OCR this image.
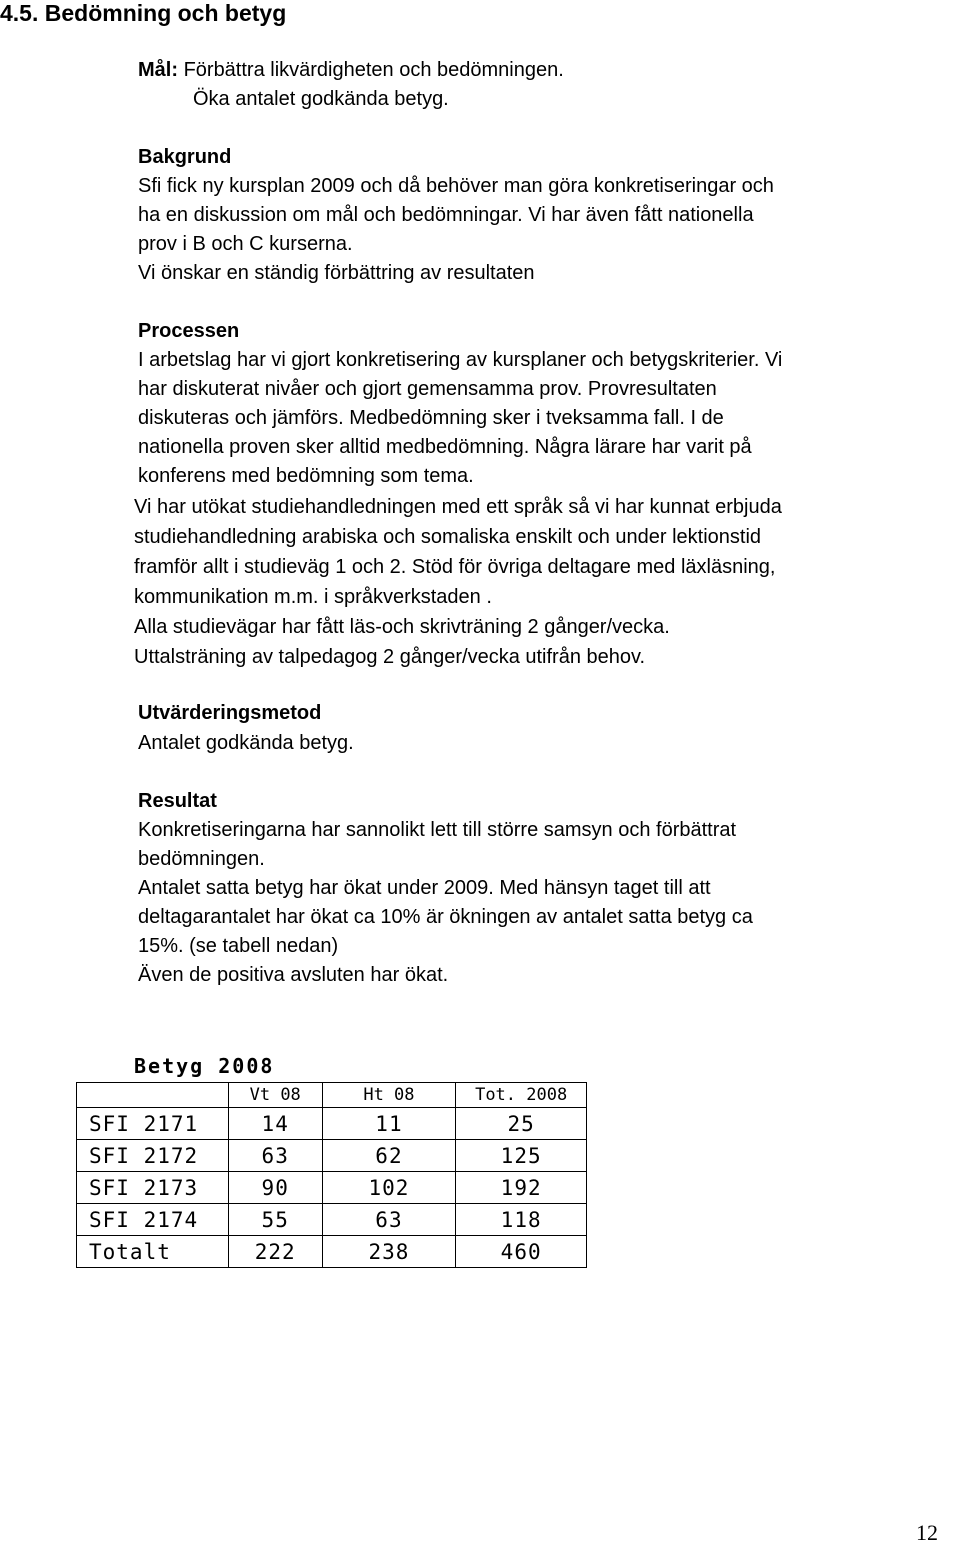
4.5. Bedömning och betyg
Mål: Förbättra likvärdigheten och bedömningen.
Öka antalet godkända betyg.
Bakgrund
Sfi fick ny kursplan 2009 och då behöver man göra konkretiseringar och
ha en diskussion om mål och bedömningar. Vi har även fått nationella
prov i B och C kurserna.
Vi önskar en ständig förbättring av resultaten
Processen
I arbetslag har vi gjort konkretisering av kursplaner och betygskriterier. Vi
har diskuterat nivåer och gjort gemensamma prov. Provresultaten
diskuteras och jämförs. Medbedömning sker i tveksamma fall. I de
nationella proven sker alltid medbedömning. Några lärare har varit på
konferens med bedömning som tema.
Vi har utökat studiehandledningen med ett språk så vi har kunnat erbjuda
studiehandledning arabiska och somaliska enskilt och under lektionstid
framför allt i studieväg 1 och 2. Stöd för övriga deltagare med läxläsning,
kommunikation m.m. i språkverkstaden .
Alla studievägar har fått läs-och skrivträning 2 gånger/vecka.
Uttalsträning av talpedagog 2 gånger/vecka utifrån behov.
Utvärderingsmetod
Antalet godkända betyg.
Resultat
Konkretiseringarna har sannolikt lett till större samsyn och förbättrat
bedömningen.
Antalet satta betyg har ökat under 2009. Med hänsyn taget till att
deltagarantalet har ökat ca 10% är ökningen av antalet satta betyg ca
15%. (se tabell nedan)
Även de positiva avsluten har ökat.
Betyg 2008
	Vt 08	Ht 08	Tot. 2008
SFI 2171	14	11	25
SFI 2172	63	62	125
SFI 2173	90	102	192
SFI 2174	55	63	118
Totalt	222	238	460
12
